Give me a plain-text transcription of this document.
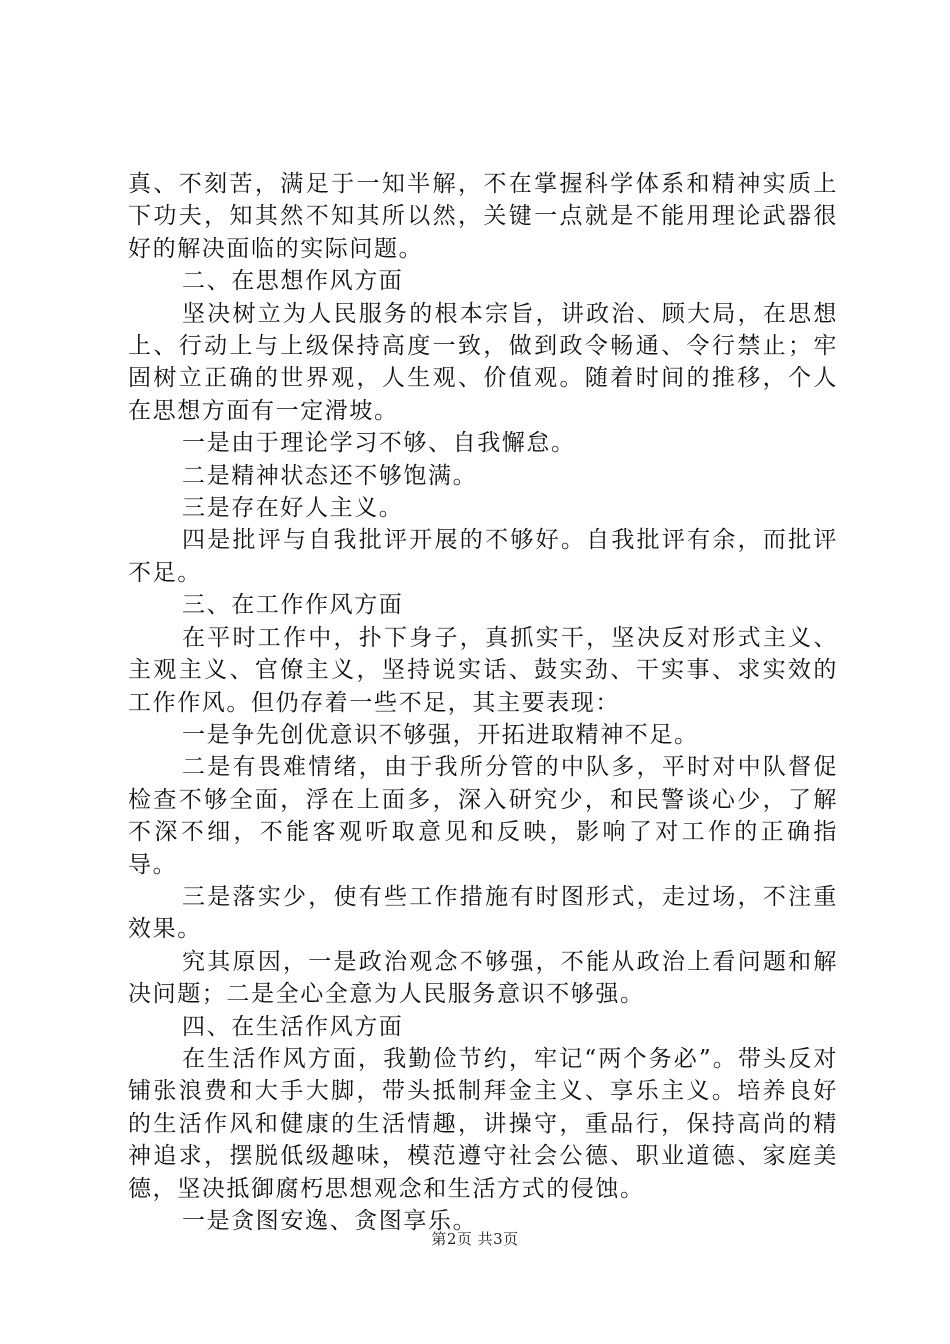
真、不刻苦，满足于一知半解，不在掌握科学体系和精神实质上下功夫，知其然不知其所以然，关键一点就是不能用理论武器很好的解决面临的实际问题。

二、在思想作风方面

坚决树立为人民服务的根本宗旨，讲政治、顾大局，在思想上、行动上与上级保持高度一致，做到政令畅通、令行禁止；牢固树立正确的世界观，人生观、价值观。随着时间的推移，个人在思想方面有一定滑坡。

一是由于理论学习不够、自我懈怠。

二是精神状态还不够饱满。

三是存在好人主义。

四是批评与自我批评开展的不够好。自我批评有余，而批评不足。

三、在工作作风方面

在平时工作中，扑下身子，真抓实干，坚决反对形式主义、主观主义、官僚主义，坚持说实话、鼓实劲、干实事、求实效的工作作风。但仍存着一些不足，其主要表现：

一是争先创优意识不够强，开拓进取精神不足。

二是有畏难情绪，由于我所分管的中队多，平时对中队督促检查不够全面，浮在上面多，深入研究少，和民警谈心少，了解不深不细，不能客观听取意见和反映，影响了对工作的正确指导。

三是落实少，使有些工作措施有时图形式，走过场，不注重效果。

究其原因，一是政治观念不够强，不能从政治上看问题和解决问题；二是全心全意为人民服务意识不够强。

四、在生活作风方面

在生活作风方面，我勤俭节约，牢记“两个务必”。带头反对铺张浪费和大手大脚，带头抵制拜金主义、享乐主义。培养良好的生活作风和健康的生活情趣，讲操守，重品行，保持高尚的精神追求，摆脱低级趣味，模范遵守社会公德、职业道德、家庭美德，坚决抵御腐朽思想观念和生活方式的侵蚀。

一是贪图安逸、贪图享乐。

第2页 共3页
